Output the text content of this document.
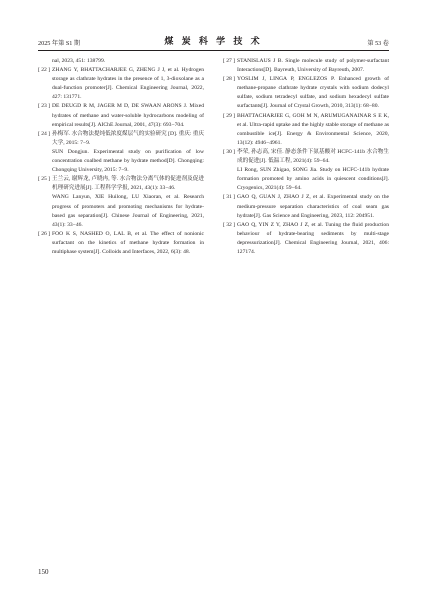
2025 年第 S1 期	煤 炭 科 学 技 术	第 53 卷
nal, 2023, 451: 138799.
[ 22 ] ZHANG Y, BHATTACHARJEE G, ZHENG J J, et al. Hydrogen storage as clathrate hydrates in the presence of 1, 3-dioxolane as a dual-function promoter[J]. Chemical Engineering Journal, 2022, 427: 131771.
[ 23 ] DE DEUGD R M, JAGER M D, DE SWAAN ARONS J. Mixed hydrates of methane and water-soluble hydrocarbons modeling of empirical results[J]. AIChE Journal, 2001, 47(3): 693−704.
[ 24 ] 孙梅军. 水合物法提纯低浓度煤层气的实验研究 [D]. 重庆: 重庆大学, 2015: 7−9.
SUN Dongjun. Experimental study on purification of low concentration coalbed methane by hydrate method[D]. Chongqing: Chongqing University, 2015: 7−9.
[ 25 ] 王兰云, 谢辉龙, 卢晓冉, 等. 水合物法分离气体的促进剂及促进机理研究进展[J]. 工程科学学报, 2021, 43(1): 33−46.
WANG Lanyun, XIE Huilong, LU Xiaoran, et al. Research progress of promoters and promoting mechanisms for hydrate-based gas separation[J]. Chinese Journal of Engineering, 2021, 43(1): 33−46.
[ 26 ] FOO K S, NASHED O, LAL B, et al. The effect of nonionic surfactant on the kinetics of methane hydrate formation in multiphase system[J]. Colloids and Interfaces, 2022, 6(3): 48.
[ 27 ] STANISLAUS J B. Single molecule study of polymer-surfactant Interactions[D]. Bayreuth, University of Bayreuth, 2007.
[ 28 ] YOSLIM J, LINGA P, ENGLEZOS P. Enhanced growth of methane-propane clathrate hydrate crystals with sodium dodecyl sulfate, sodium tetradecyl sulfate, and sodium hexadecyl sulfate surfactants[J]. Journal of Crystal Growth, 2010, 313(1): 68−80.
[ 29 ] BHATTACHARJEE G, GOH M N, ARUMUGANAINAR S E K, et al. Ultra-rapid uptake and the highly stable storage of methane as combustible ice[J]. Energy & Environmental Science, 2020, 13(12): 4946−4961.
[ 30 ] 李荣, 孙志高, 宋佳. 静态条件下氨基酸对 HCFC-141b 水合物生成的促进[J]. 低温工程, 2021(4): 59−64.
LI Rong, SUN Zhigao, SONG Jia. Study on HCFC-141b hydrate formation promoted by amino acids in quiescent conditions[J]. Cryogenics, 2021(4): 59−64.
[ 31 ] GAO Q, GUAN J, ZHAO J Z, et al. Experimental study on the medium-pressure separation characteristics of coal seam gas hydrate[J]. Gas Science and Engineering, 2023, 112: 204951.
[ 32 ] GAO Q, YIN Z Y, ZHAO J Z, et al. Tuning the fluid production behaviour of hydrate-bearing sediments by multi-stage depressurization[J]. Chemical Engineering Journal, 2021, 406: 127174.
150
